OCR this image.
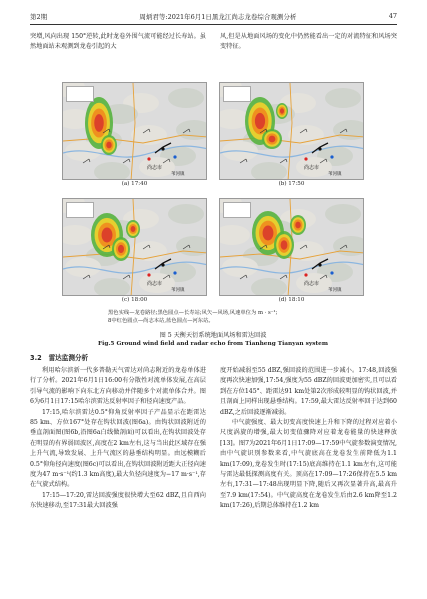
第2期	周炳君等:2021年6月1日黑龙江尚志龙卷综合观测分析	47

突增,风向出现 150°逆转,此时龙卷外围气流可能经过长寿站。虽然地面站未观测到龙卷引起的大

风,但是从地面风场的变化中仍然能看出一定的对流特征和风场突变特征。

尚志市
苇河镇
(a) 17:40
尚志市
苇河镇
(b) 17:50
尚志市
苇河镇
(c) 18:00
尚志市
苇河镇
(d) 18:10
黑色实线—龙卷路径;黑色圆点—长寿站;风矢—风场,风速单位为 m · s⁻¹;
8中红色圆点—尚志本站,蓝色圆点—河东站。
图 5 天衡天衍系统地面风场和雷达回波
Fig.5 Ground wind field and radar echo from Tianheng Tianyan system
3.2 雷达监测分析

利用哈尔滨新一代多普勒天气雷达对尚志附近的龙卷单体进行了分析。2021年6月1日16:00有分散性对流单体发展,在高层引导气流的影响下向东北方向移动并伴随多个对流单体合并。图6为6月1日17:15哈尔滨雷达反射率因子和径向速度产品。

17:15,哈尔滨雷达0.5°仰角反射率因子产品显示在距雷达85 km、方位167°处存在钩状回波(图6a)。由钩状回波附近的垂直剖面图(图6b,沿图6a白线做剖面)可以看出,在钩状回波处存在明显的有界弱回波区,高度在2 km左右,这与当出此区域存在强上升气流,导致发展、上升气流区的悬垂结构明显。由远模糊后0.5°仰角径向速度(图6c)可以看出,在钩状回波附近距大正径向速度为47 m·s⁻¹(约1.3 km高度),最大负径向速度为−17 m·s⁻¹,存在气旋式结构。

17:15—17:20,雷达回波强度很快增大至62 dBZ,且自西向东快速移动,至17:31最大回波强

度开始减弱至55 dBZ,强回波的范围进一步减小。17:48,回波强度再次快速加强,17:54,强度为55 dBZ的回波更加密实,且可以看到在方位145°、距雷达91 km处第2次形成较明显的钩状回波,并且剖面上同样出现悬垂结构。17:59,最大雷达反射率回于达到60 dBZ,之后回波逐渐减弱。

中气旋强度、最大切变高度快速上升和下降的过程对应着小尺度涡旋的增强,最大切变值骤降对应着龙卷能量的快速释放[13]。图7为2021年6月1日17:09—17:59中气旋参数演变情况,由中气旋识别参数来看,中气旋底高在龙卷发生前降低为1.1 km(17:09),龙卷发生时(17:15)底高维持在1.1 km左右,这可能与雷达最低探测高度有关。顶高在17:09—17:26保持在5.5 km左右,17:31—17:48出现明显下降,随后又再次显著升高,最高升至7.9 km(17:54)。中气旋高度在龙卷发生后由2.6 km降至1.2 km(17:26),后期总体维持在1.2 km
